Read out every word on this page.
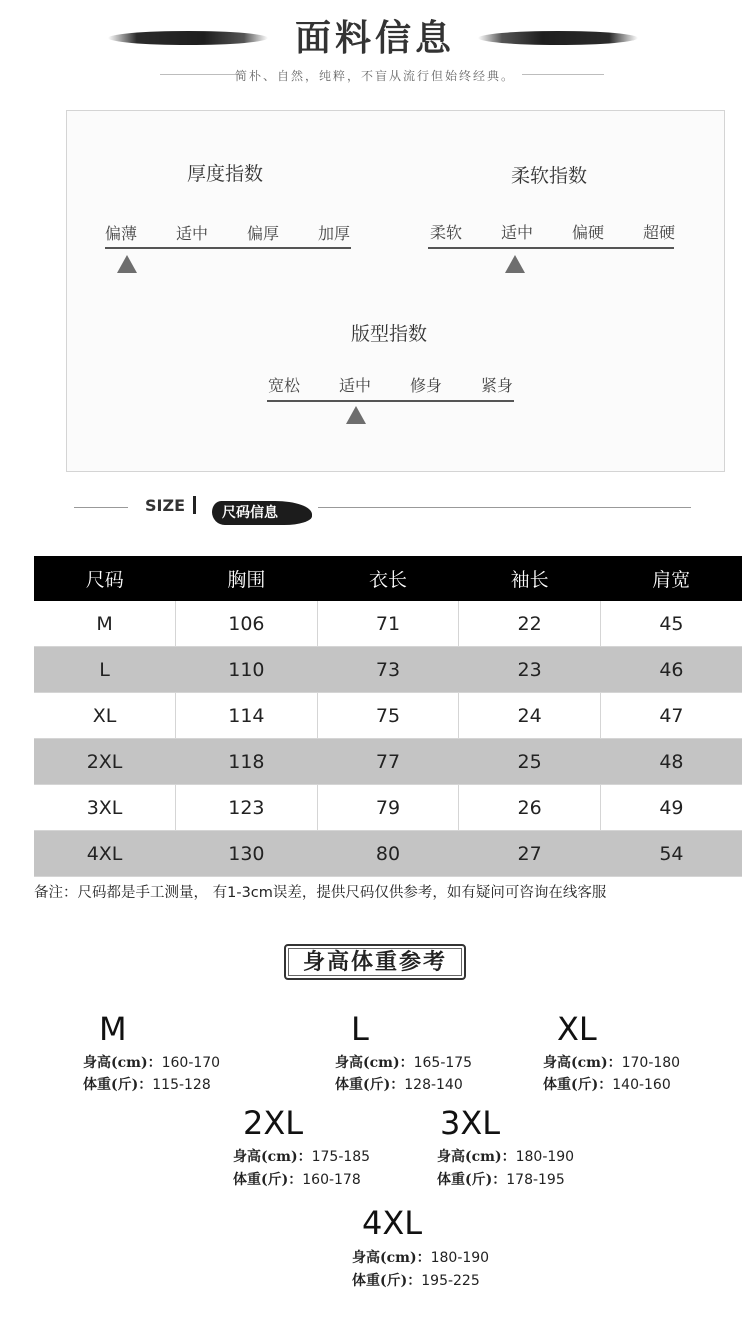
面料信息
简朴、自然，纯粹，不盲从流行但始终经典。
厚度指数
偏薄 适中 偏厚 加厚
柔软指数
柔软 适中 偏硬 超硬
版型指数
宽松 适中 修身 紧身
SIZE	尺码信息
尺码	胸围	衣长	袖长	肩宽
M	106	71	22	45
L	110	73	23	46
XL	114	75	24	47
2XL	118	77	25	48
3XL	123	79	26	49
4XL	130	80	27	54
备注：尺码都是手工测量， 有1-3cm误差，提供尺码仅供参考，如有疑问可咨询在线客服
身高体重参考
M
身高(cm)：160-170
体重(斤)：115-128
L
身高(cm)：165-175
体重(斤)：128-140
XL
身高(cm)：170-180
体重(斤)：140-160
2XL
身高(cm)：175-185
体重(斤)：160-178
3XL
身高(cm)：180-190
体重(斤)：178-195
4XL
身高(cm)：180-190
体重(斤)：195-225
